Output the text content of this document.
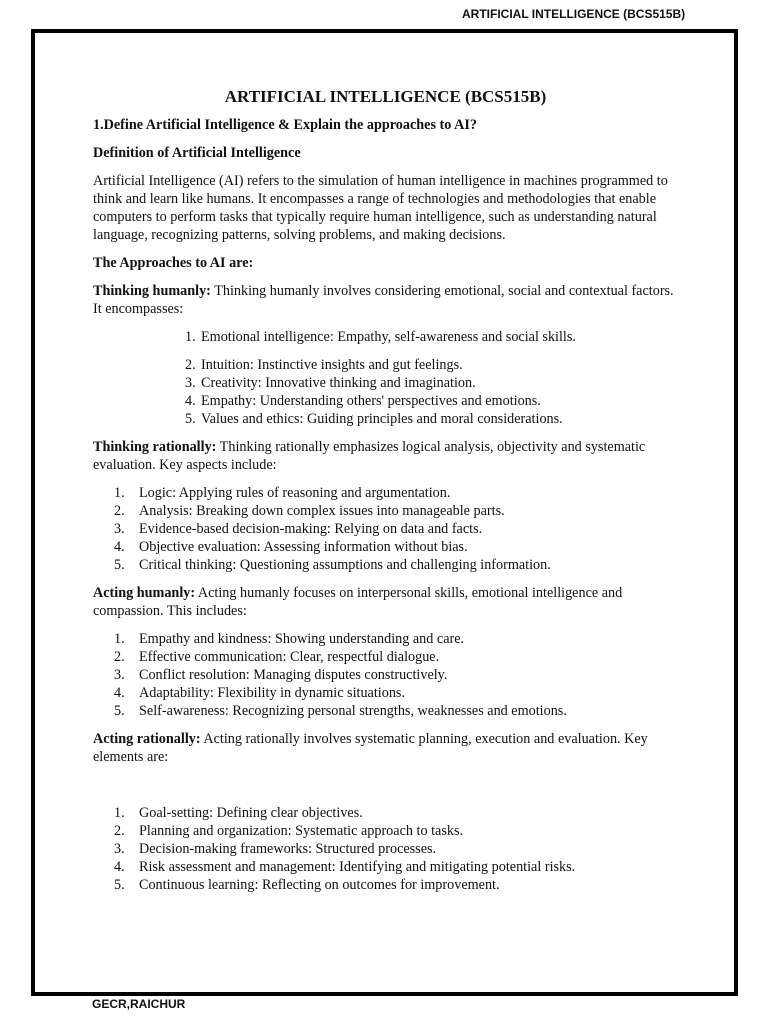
ARTIFICIAL INTELLIGENCE (BCS515B)
ARTIFICIAL INTELLIGENCE (BCS515B)
1.Define Artificial Intelligence & Explain the approaches to AI?
Definition of Artificial Intelligence

Artificial Intelligence (AI) refers to the simulation of human intelligence in machines programmed to think and learn like humans. It encompasses a range of technologies and methodologies that enable computers to perform tasks that typically require human intelligence, such as understanding natural language, recognizing patterns, solving problems, and making decisions.

The Approaches to AI are:

Thinking humanly: Thinking humanly involves considering emotional, social and contextual factors. It encompasses:

1. Emotional intelligence: Empathy, self-awareness and social skills.
2. Intuition: Instinctive insights and gut feelings.
3. Creativity: Innovative thinking and imagination.
4. Empathy: Understanding others' perspectives and emotions.
5. Values and ethics: Guiding principles and moral considerations.

Thinking rationally: Thinking rationally emphasizes logical analysis, objectivity and systematic evaluation. Key aspects include:

1. Logic: Applying rules of reasoning and argumentation.
2. Analysis: Breaking down complex issues into manageable parts.
3. Evidence-based decision-making: Relying on data and facts.
4. Objective evaluation: Assessing information without bias.
5. Critical thinking: Questioning assumptions and challenging information.

Acting humanly: Acting humanly focuses on interpersonal skills, emotional intelligence and compassion. This includes:

1. Empathy and kindness: Showing understanding and care.
2. Effective communication: Clear, respectful dialogue.
3. Conflict resolution: Managing disputes constructively.
4. Adaptability: Flexibility in dynamic situations.
5. Self-awareness: Recognizing personal strengths, weaknesses and emotions.

Acting rationally: Acting rationally involves systematic planning, execution and evaluation. Key elements are:

1. Goal-setting: Defining clear objectives.
2. Planning and organization: Systematic approach to tasks.
3. Decision-making frameworks: Structured processes.
4. Risk assessment and management: Identifying and mitigating potential risks.
5. Continuous learning: Reflecting on outcomes for improvement.
GECR,RAICHUR
